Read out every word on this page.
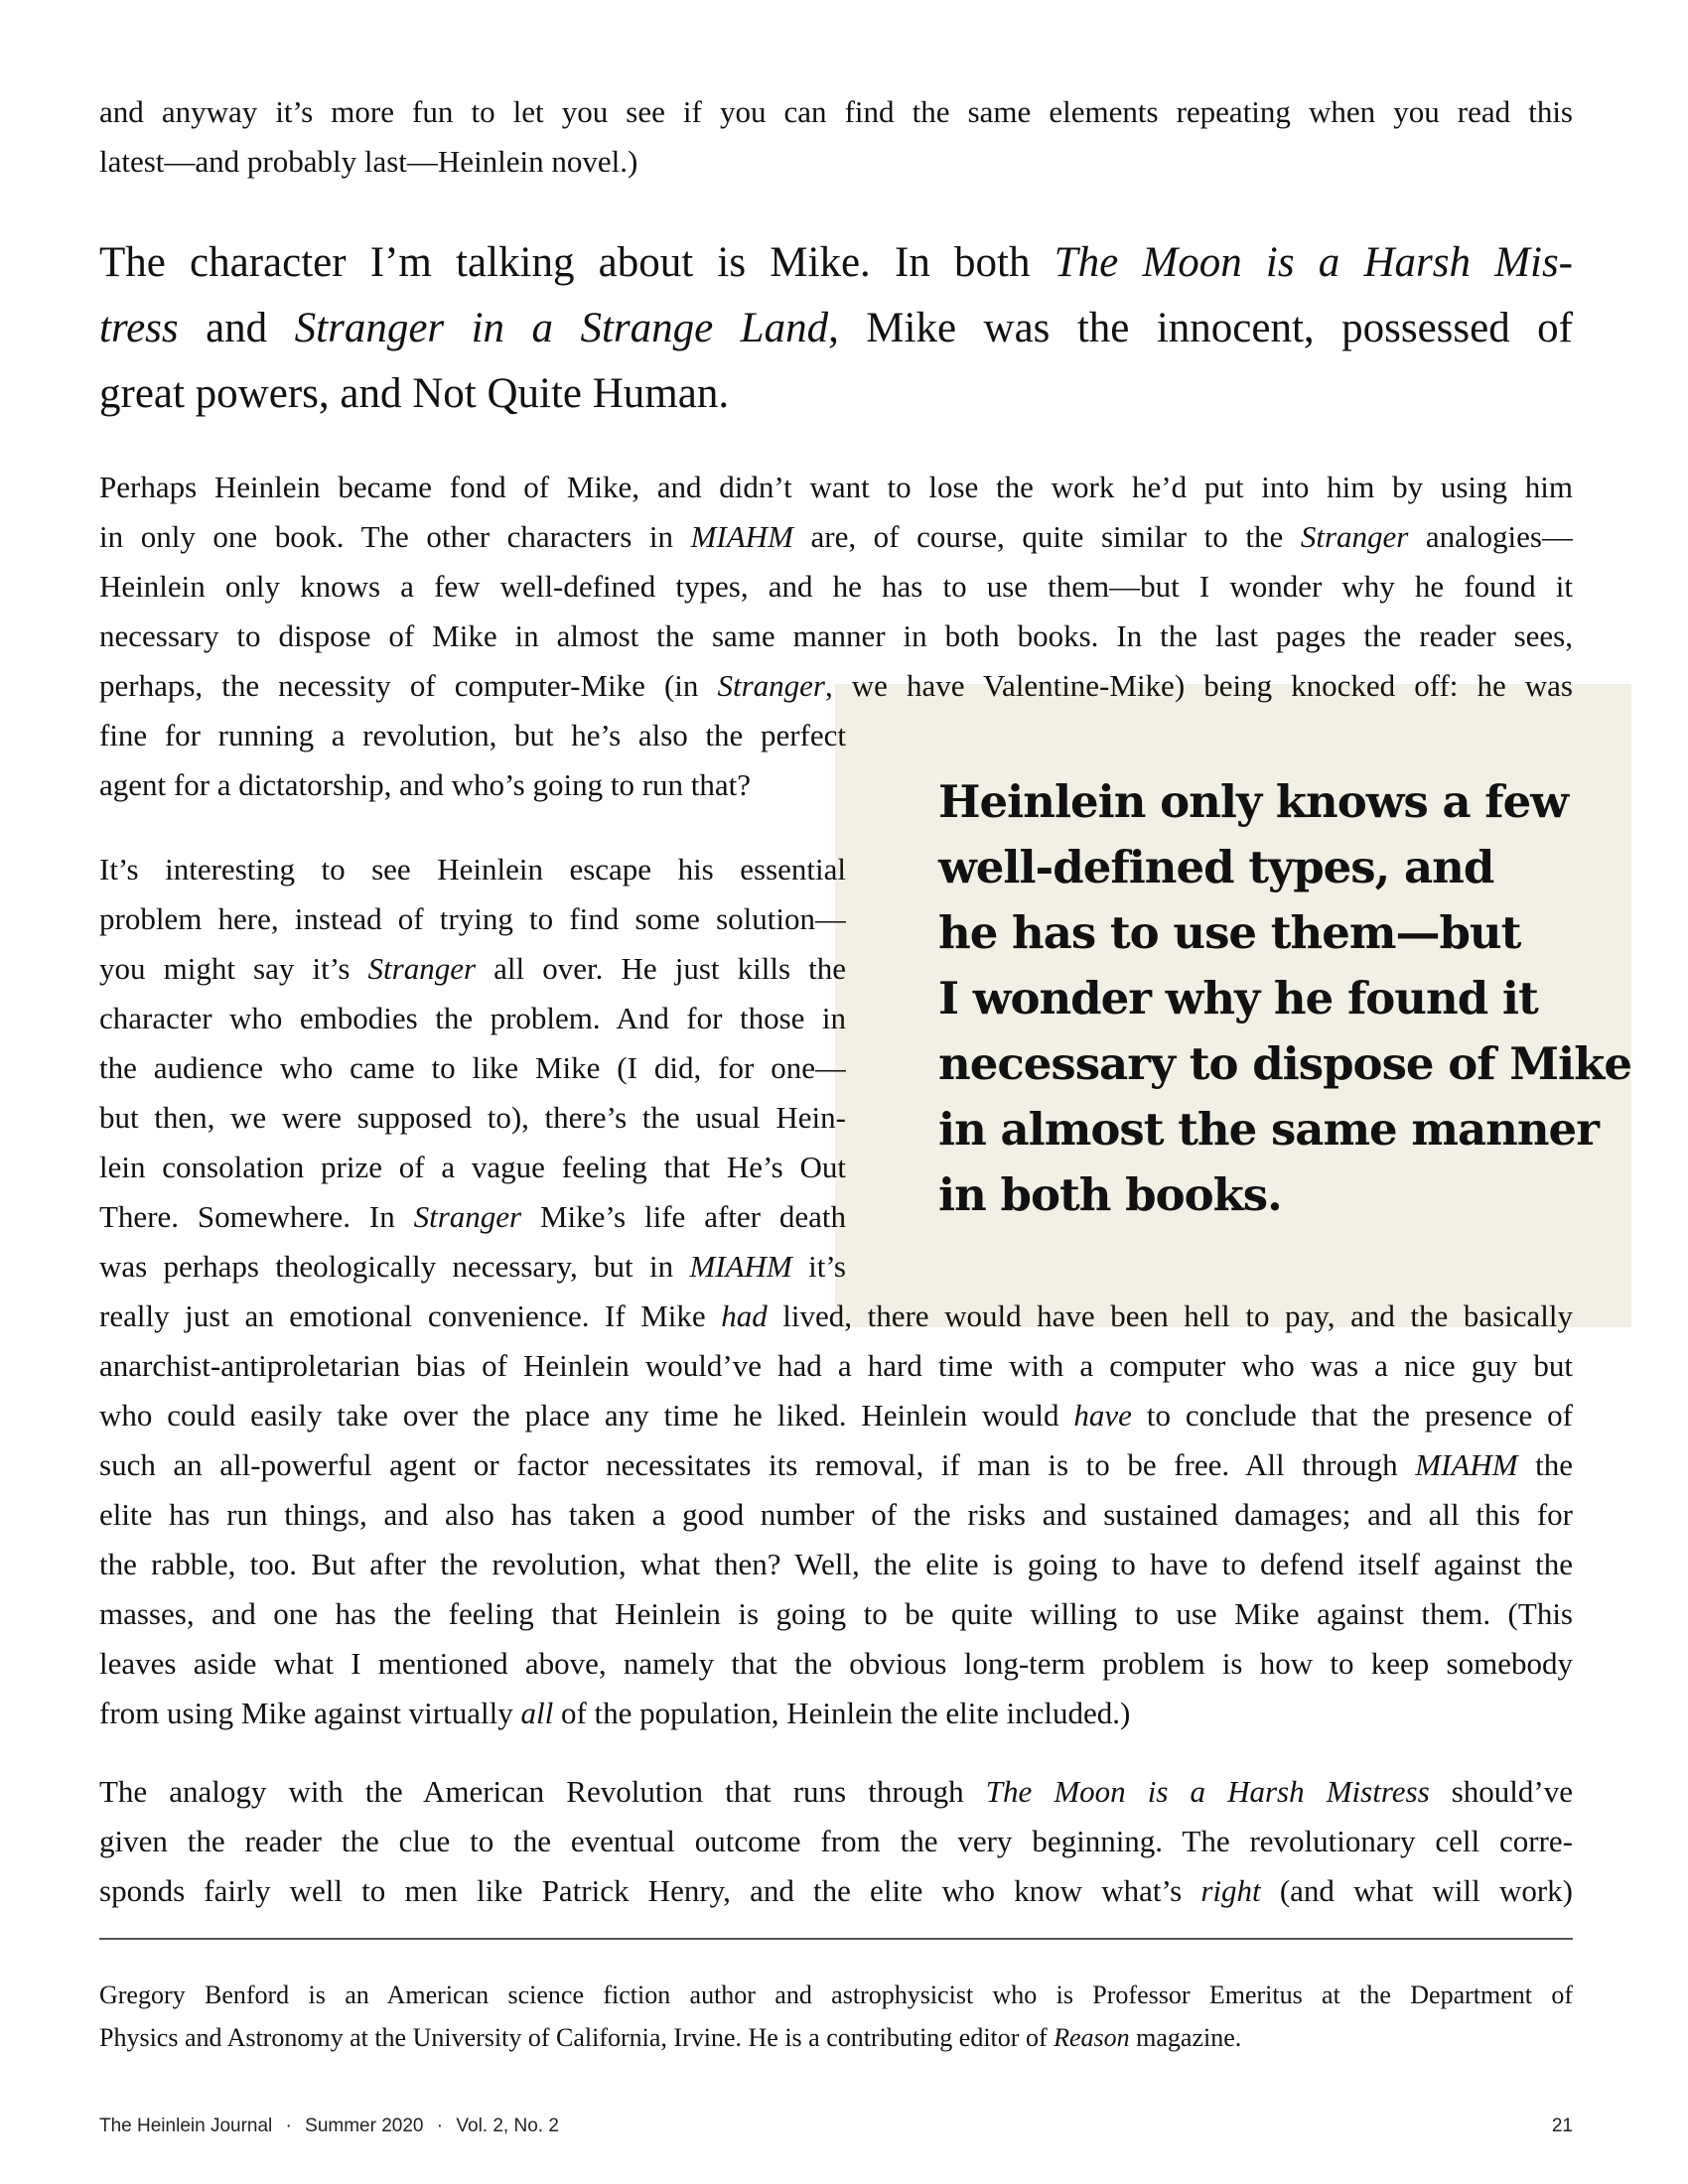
and anyway it’s more fun to let you see if you can find the same elements repeating when you read this
latest—and probably last—Heinlein novel.)
The character I’m talking about is Mike. In both The Moon is a Harsh Mis-
tress and Stranger in a Strange Land, Mike was the innocent, possessed of
great powers, and Not Quite Human.
Perhaps Heinlein became fond of Mike, and didn’t want to lose the work he’d put into him by using him
in only one book. The other characters in MIAHM are, of course, quite similar to the Stranger analogies—
Heinlein only knows a few well-defined types, and he has to use them—but I wonder why he found it
necessary to dispose of Mike in almost the same manner in both books. In the last pages the reader sees,
perhaps, the necessity of computer-Mike (in Stranger, we have Valentine-Mike) being knocked off: he was
fine for running a revolution, but he’s also the perfect
agent for a dictatorship, and who’s going to run that?
It’s interesting to see Heinlein escape his essential
problem here, instead of trying to find some solution—
you might say it’s Stranger all over. He just kills the
character who embodies the problem. And for those in
the audience who came to like Mike (I did, for one—
but then, we were supposed to), there’s the usual Hein-
lein consolation prize of a vague feeling that He’s Out
There. Somewhere. In Stranger Mike’s life after death
was perhaps theologically necessary, but in MIAHM it’s
really just an emotional convenience. If Mike had lived, there would have been hell to pay, and the basically
anarchist-antiproletarian bias of Heinlein would’ve had a hard time with a computer who was a nice guy but
who could easily take over the place any time he liked. Heinlein would have to conclude that the presence of
such an all-powerful agent or factor necessitates its removal, if man is to be free. All through MIAHM the
elite has run things, and also has taken a good number of the risks and sustained damages; and all this for
the rabble, too. But after the revolution, what then? Well, the elite is going to have to defend itself against the
masses, and one has the feeling that Heinlein is going to be quite willing to use Mike against them. (This
leaves aside what I mentioned above, namely that the obvious long-term problem is how to keep somebody
from using Mike against virtually all of the population, Heinlein the elite included.)
The analogy with the American Revolution that runs through The Moon is a Harsh Mistress should’ve
given the reader the clue to the eventual outcome from the very beginning. The revolutionary cell corre-
sponds fairly well to men like Patrick Henry, and the elite who know what’s right (and what will work)
Heinlein only knows a few
well-defined types, and
he has to use them—but
I wonder why he found it
necessary to dispose of Mike
in almost the same manner
in both books.
Gregory Benford is an American science fiction author and astrophysicist who is Professor Emeritus at the Department of
Physics and Astronomy at the University of California, Irvine. He is a contributing editor of Reason magazine.
The Heinlein Journal · Summer 2020 · Vol. 2, No. 2	21
